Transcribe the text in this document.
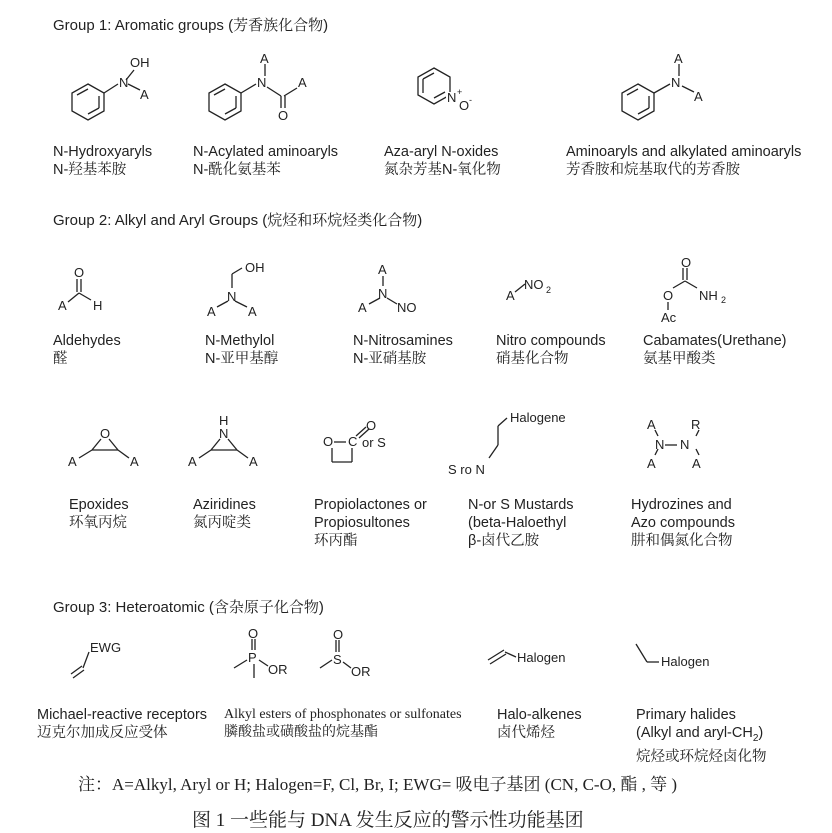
Group 1: Aromatic groups (芳香族化合物)
Group 2: Alkyl and Aryl Groups (烷烃和环烷烃类化合物)
Group 3: Heteroatomic (含杂原子化合物)
N
OH
A
A
N
O
A
N +
O -
A
N
A
N-Hydroxyaryls
N-羟基苯胺
N-Acylated aminoaryls
N-酰化氨基苯
Aza-aryl N-oxides
氮杂芳基N-氧化物
Aminoaryls and alkylated aminoaryls
芳香胺和烷基取代的芳香胺
O
A H
OH
N
A A
A
N
A NO
A
NO 2
O
O NH 2
Ac
Aldehydes
醛
N-Methylol
N-亚甲基醇
N-Nitrosamines
N-亚硝基胺
Nitro compounds
硝基化合物
Cabamates(Urethane)
氨基甲酸类
O
A	A
H
N
A	A
O C
O
or S
Halogene
S ro N
A	R
N N
A	A
Epoxides
环氧丙烷
Aziridines
氮丙啶类
Propiolactones or
Propiosultones
环丙酯
N-or S Mustards
(beta-Haloethyl
β-卤代乙胺
Hydrozines and
Azo compounds
肼和偶氮化合物
EWG
O
P
OR
O
S
OR
Halogen	Halogen
Michael-reactive receptors
迈克尔加成反应受体
Alkyl esters of phosphonates or sulfonates
膦酸盐或磺酸盐的烷基酯
Halo-alkenes
卤代烯烃
Primary halides
(Alkyl and aryl-$CH_2$)
烷烃或环烷烃卤化物
注：A=Alkyl, Aryl or H; Halogen=F, Cl, Br, I; EWG= 吸电子基团 (CN, C-O, 酯 , 等 )
图 1 一些能与 DNA 发生反应的警示性功能基团
